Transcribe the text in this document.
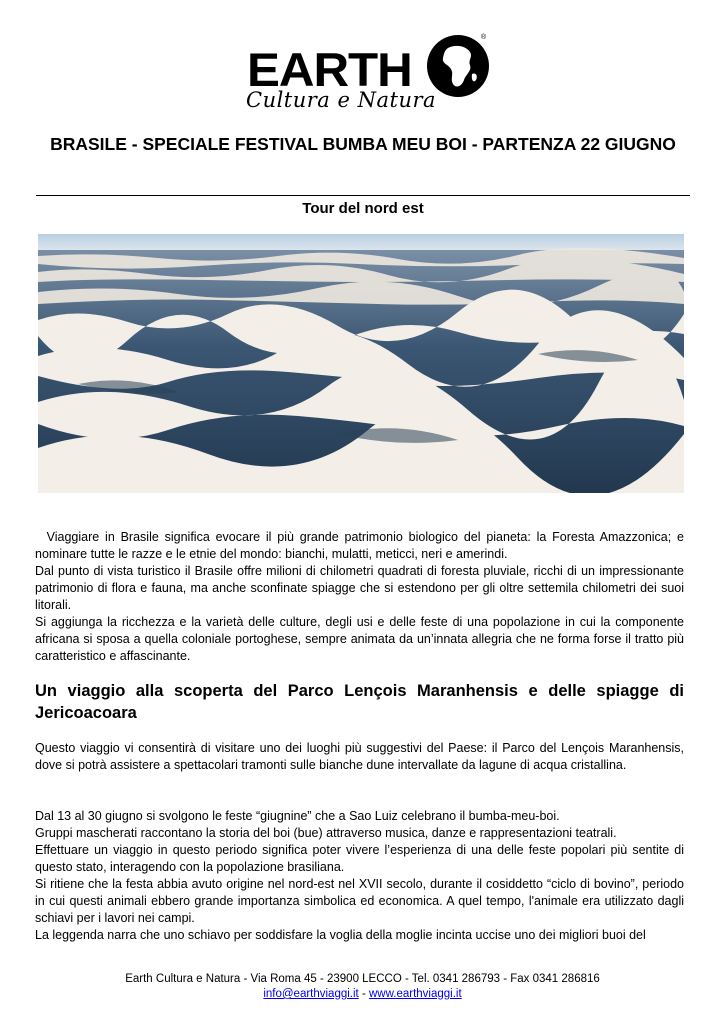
EARTH
®
Cultura e Natura
BRASILE - SPECIALE FESTIVAL BUMBA MEU BOI - PARTENZA 22 GIUGNO
Tour del nord est

Viaggiare in Brasile significa evocare il più grande patrimonio biologico del pianeta: la Foresta Amazzonica; e nominare tutte le razze e le etnie del mondo: bianchi, mulatti, meticci, neri e amerindi.

Dal punto di vista turistico il Brasile offre milioni di chilometri quadrati di foresta pluviale, ricchi di un impressionante patrimonio di flora e fauna, ma anche sconfinate spiagge che si estendono per gli oltre settemila chilometri dei suoi litorali.

Si aggiunga la ricchezza e la varietà delle culture, degli usi e delle feste di una popolazione in cui la componente africana si sposa a quella coloniale portoghese, sempre animata da un’innata allegria che ne forma forse il tratto più caratteristico e affascinante.

Un viaggio alla scoperta del Parco Lençois Maranhensis e delle spiagge di Jericoacoara

Questo viaggio vi consentirà di visitare uno dei luoghi più suggestivi del Paese: il Parco del Lençois Maranhensis, dove si potrà assistere a spettacolari tramonti sulle bianche dune intervallate da lagune di acqua cristallina.

Dal 13 al 30 giugno si svolgono le feste “giugnine” che a Sao Luiz celebrano il bumba-meu-boi.

Gruppi mascherati raccontano la storia del boi (bue) attraverso musica, danze e rappresentazioni teatrali.

Effettuare un viaggio in questo periodo significa poter vivere l’esperienza di una delle feste popolari più sentite di questo stato, interagendo con la popolazione brasiliana.

Si ritiene che la festa abbia avuto origine nel nord-est nel XVII secolo, durante il cosiddetto “ciclo di bovino”, periodo in cui questi animali ebbero grande importanza simbolica ed economica. A quel tempo, l'animale era utilizzato dagli schiavi per i lavori nei campi.

La leggenda narra che uno schiavo per soddisfare la voglia della moglie incinta uccise uno dei migliori buoi del

Earth Cultura e Natura - Via Roma 45 - 23900 LECCO - Tel. 0341 286793 - Fax 0341 286816
info@earthviaggi.it - www.earthviaggi.it
